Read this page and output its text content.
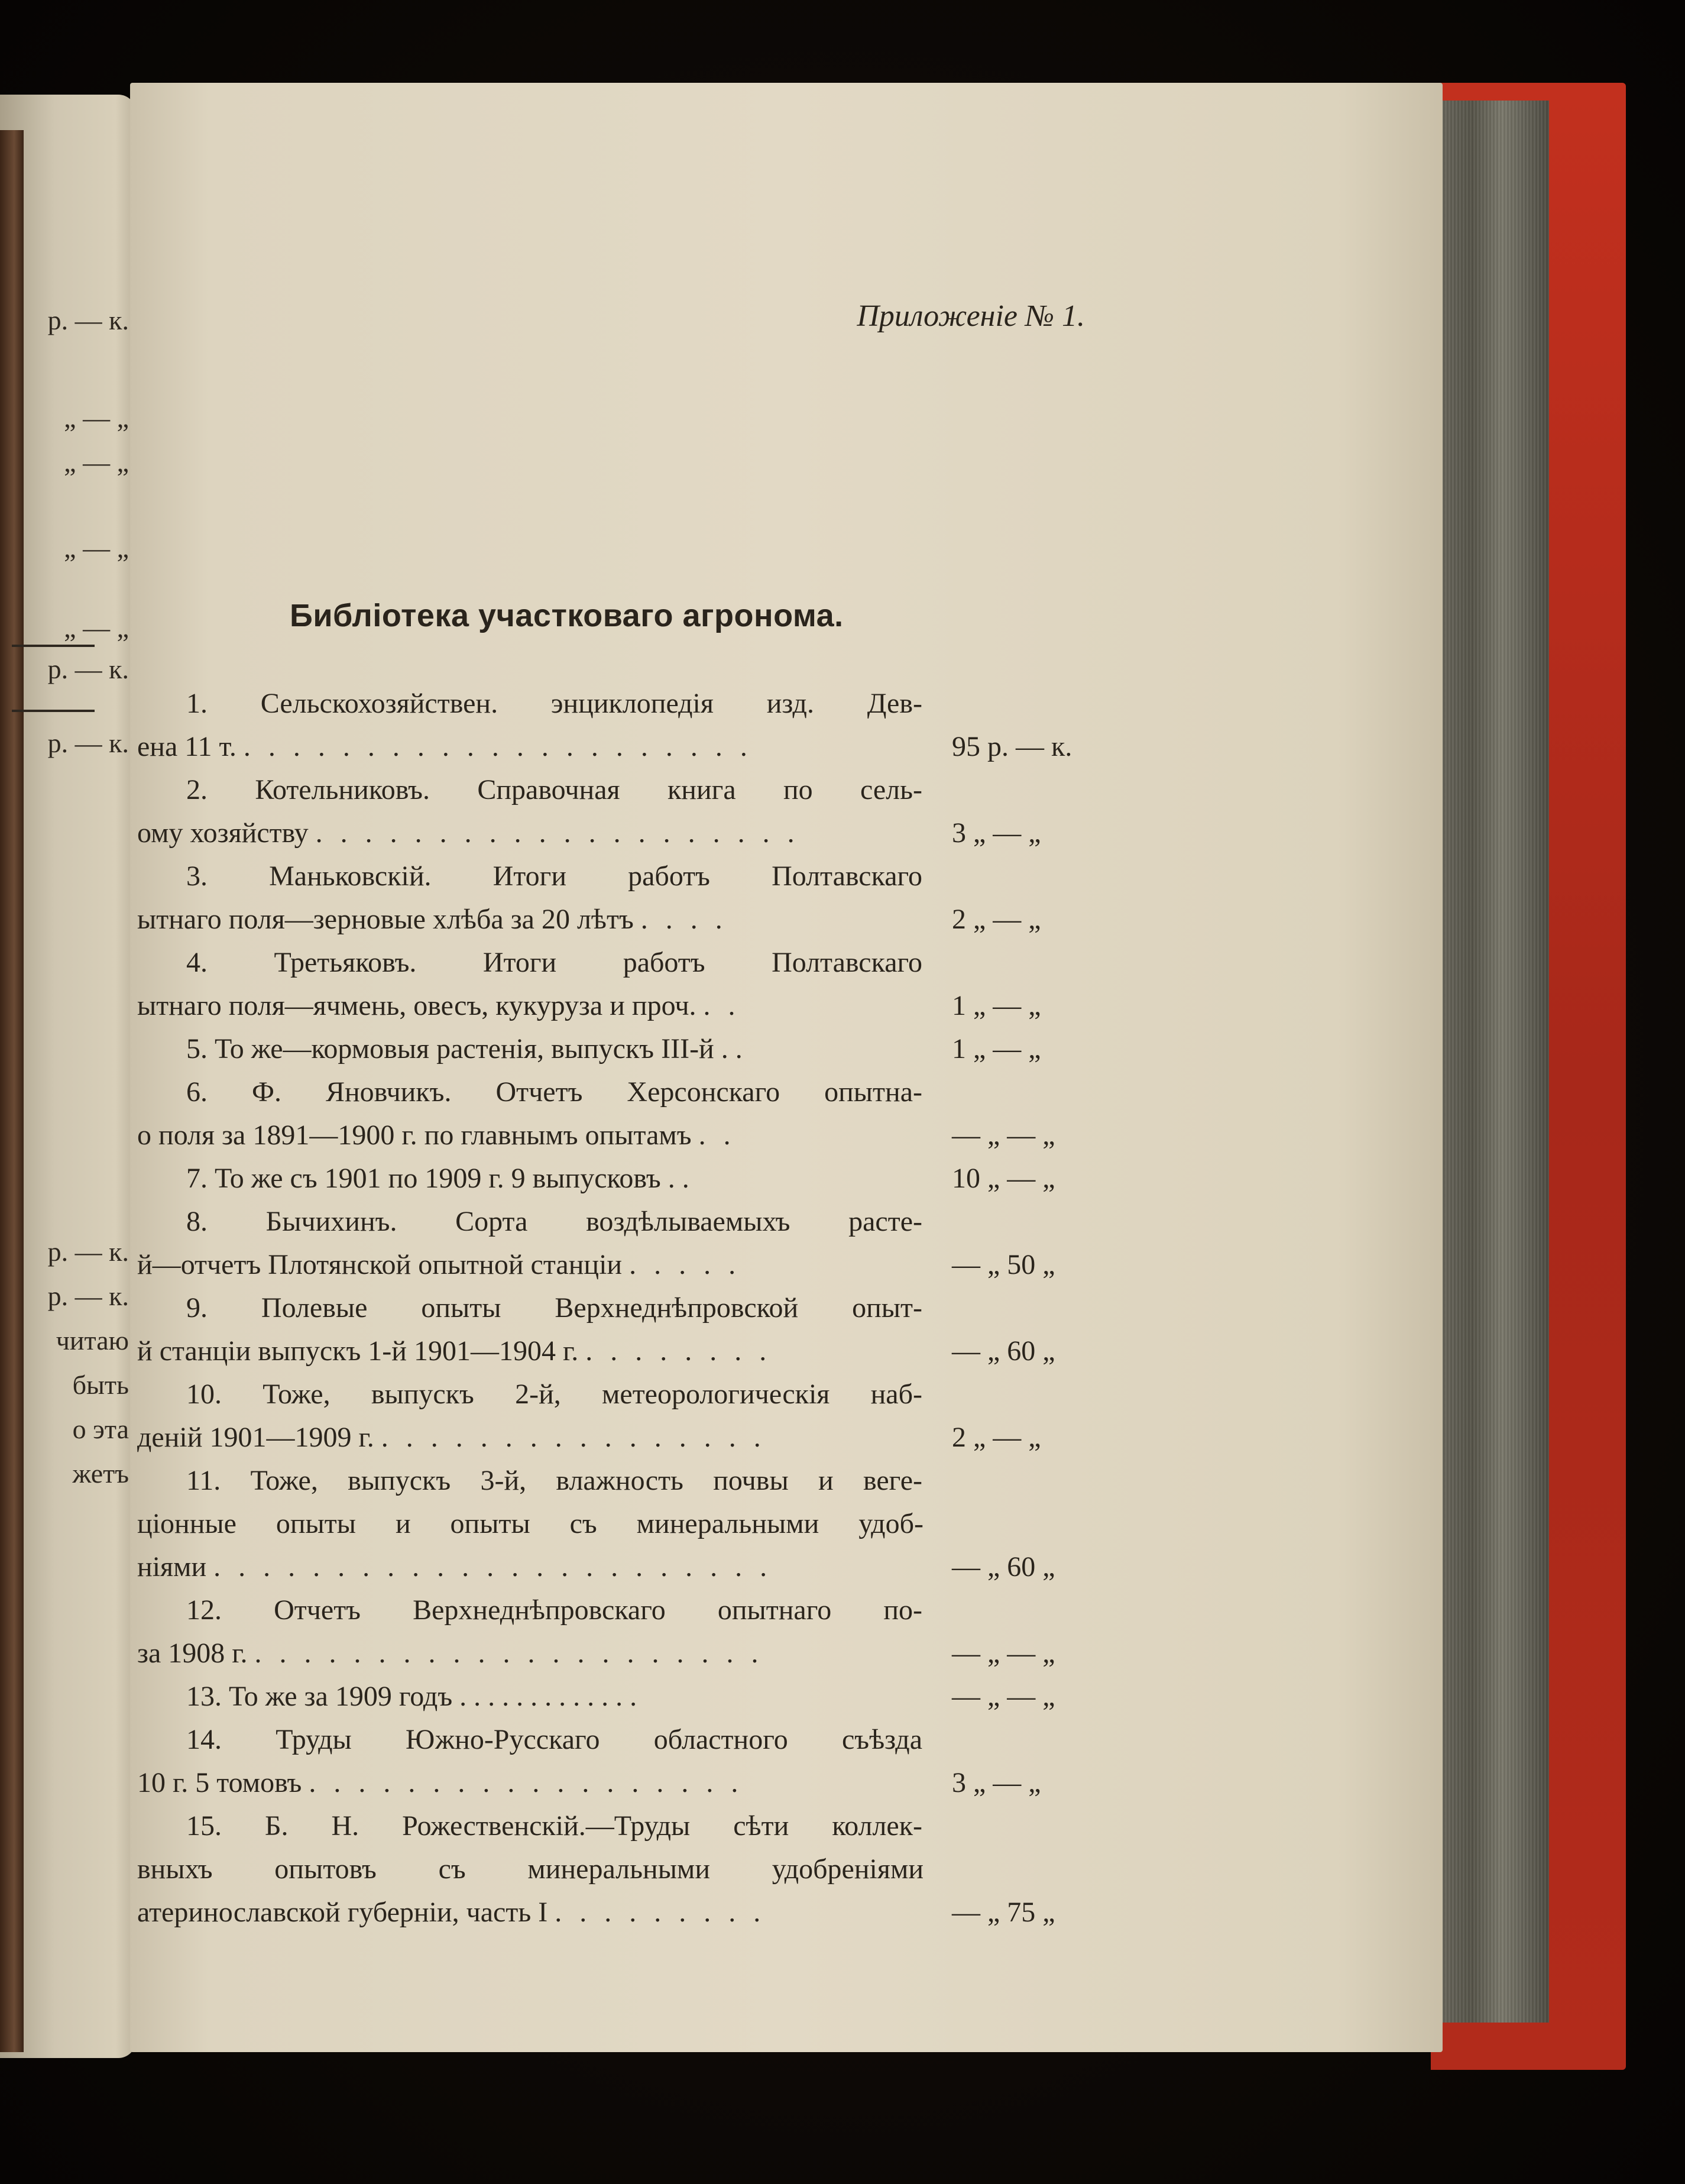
р. — к.
„ — „
„ — „
„ — „
„ — „
р. — к.
р. — к.
р. — к.
р. — к.
читаю
быть
о эта
жетъ
Приложеніе № 1.
Библіотека участковаго агронома.
1. Сельскохозяйствен. энциклопедія изд. Дев-
ена 11 т. . . . . . . . . . . . . . . . . . . . . .	95 р. — к.
2. Котельниковъ. Справочная книга по сель-
ому хозяйству . . . . . . . . . . . . . . . . . . . .	3 „ — „
3. Маньковскій. Итоги работъ Полтавскаго
ытнаго поля—зерновые хлѣба за 20 лѣтъ . . . .	2 „ — „
4. Третьяковъ. Итоги работъ Полтавскаго
ытнаго поля—ячмень, овесъ, кукуруза и проч. . .	1 „ — „
5. То же—кормовыя растенія, выпускъ III-й . .	1 „ — „
6. Ф. Яновчикъ. Отчетъ Херсонскаго опытна-
о поля за 1891—1900 г. по главнымъ опытамъ . .	— „ — „
7. То же съ 1901 по 1909 г. 9 выпусковъ . .	10 „ — „
8. Бычихинъ. Сорта воздѣлываемыхъ расте-
й—отчетъ Плотянской опытной станціи . . . . .	— „ 50 „
9. Полевые опыты Верхнеднѣпровской опыт-
й станціи выпускъ 1-й 1901—1904 г. . . . . . . . .	— „ 60 „
10. Тоже, выпускъ 2-й, метеорологическія наб-
деній 1901—1909 г. . . . . . . . . . . . . . . . .	2 „ — „
11. Тоже, выпускъ 3-й, влажность почвы и веге-
ціонные опыты и опыты съ минеральными удоб-
ніями . . . . . . . . . . . . . . . . . . . . . . .	— „ 60 „
12. Отчетъ Верхнеднѣпровскаго опытнаго по-
за 1908 г. . . . . . . . . . . . . . . . . . . . . .	— „ — „
13. То же за 1909 годъ . . . . . . . . . . . . .	— „ — „
14. Труды Южно-Русскаго областного съѣзда
10 г. 5 томовъ . . . . . . . . . . . . . . . . . .	3 „ — „
15. Б. Н. Рожественскій.—Труды сѣти коллек-
вныхъ опытовъ съ минеральными удобреніями
атеринославской губерніи, часть I . . . . . . . . .	— „ 75 „
